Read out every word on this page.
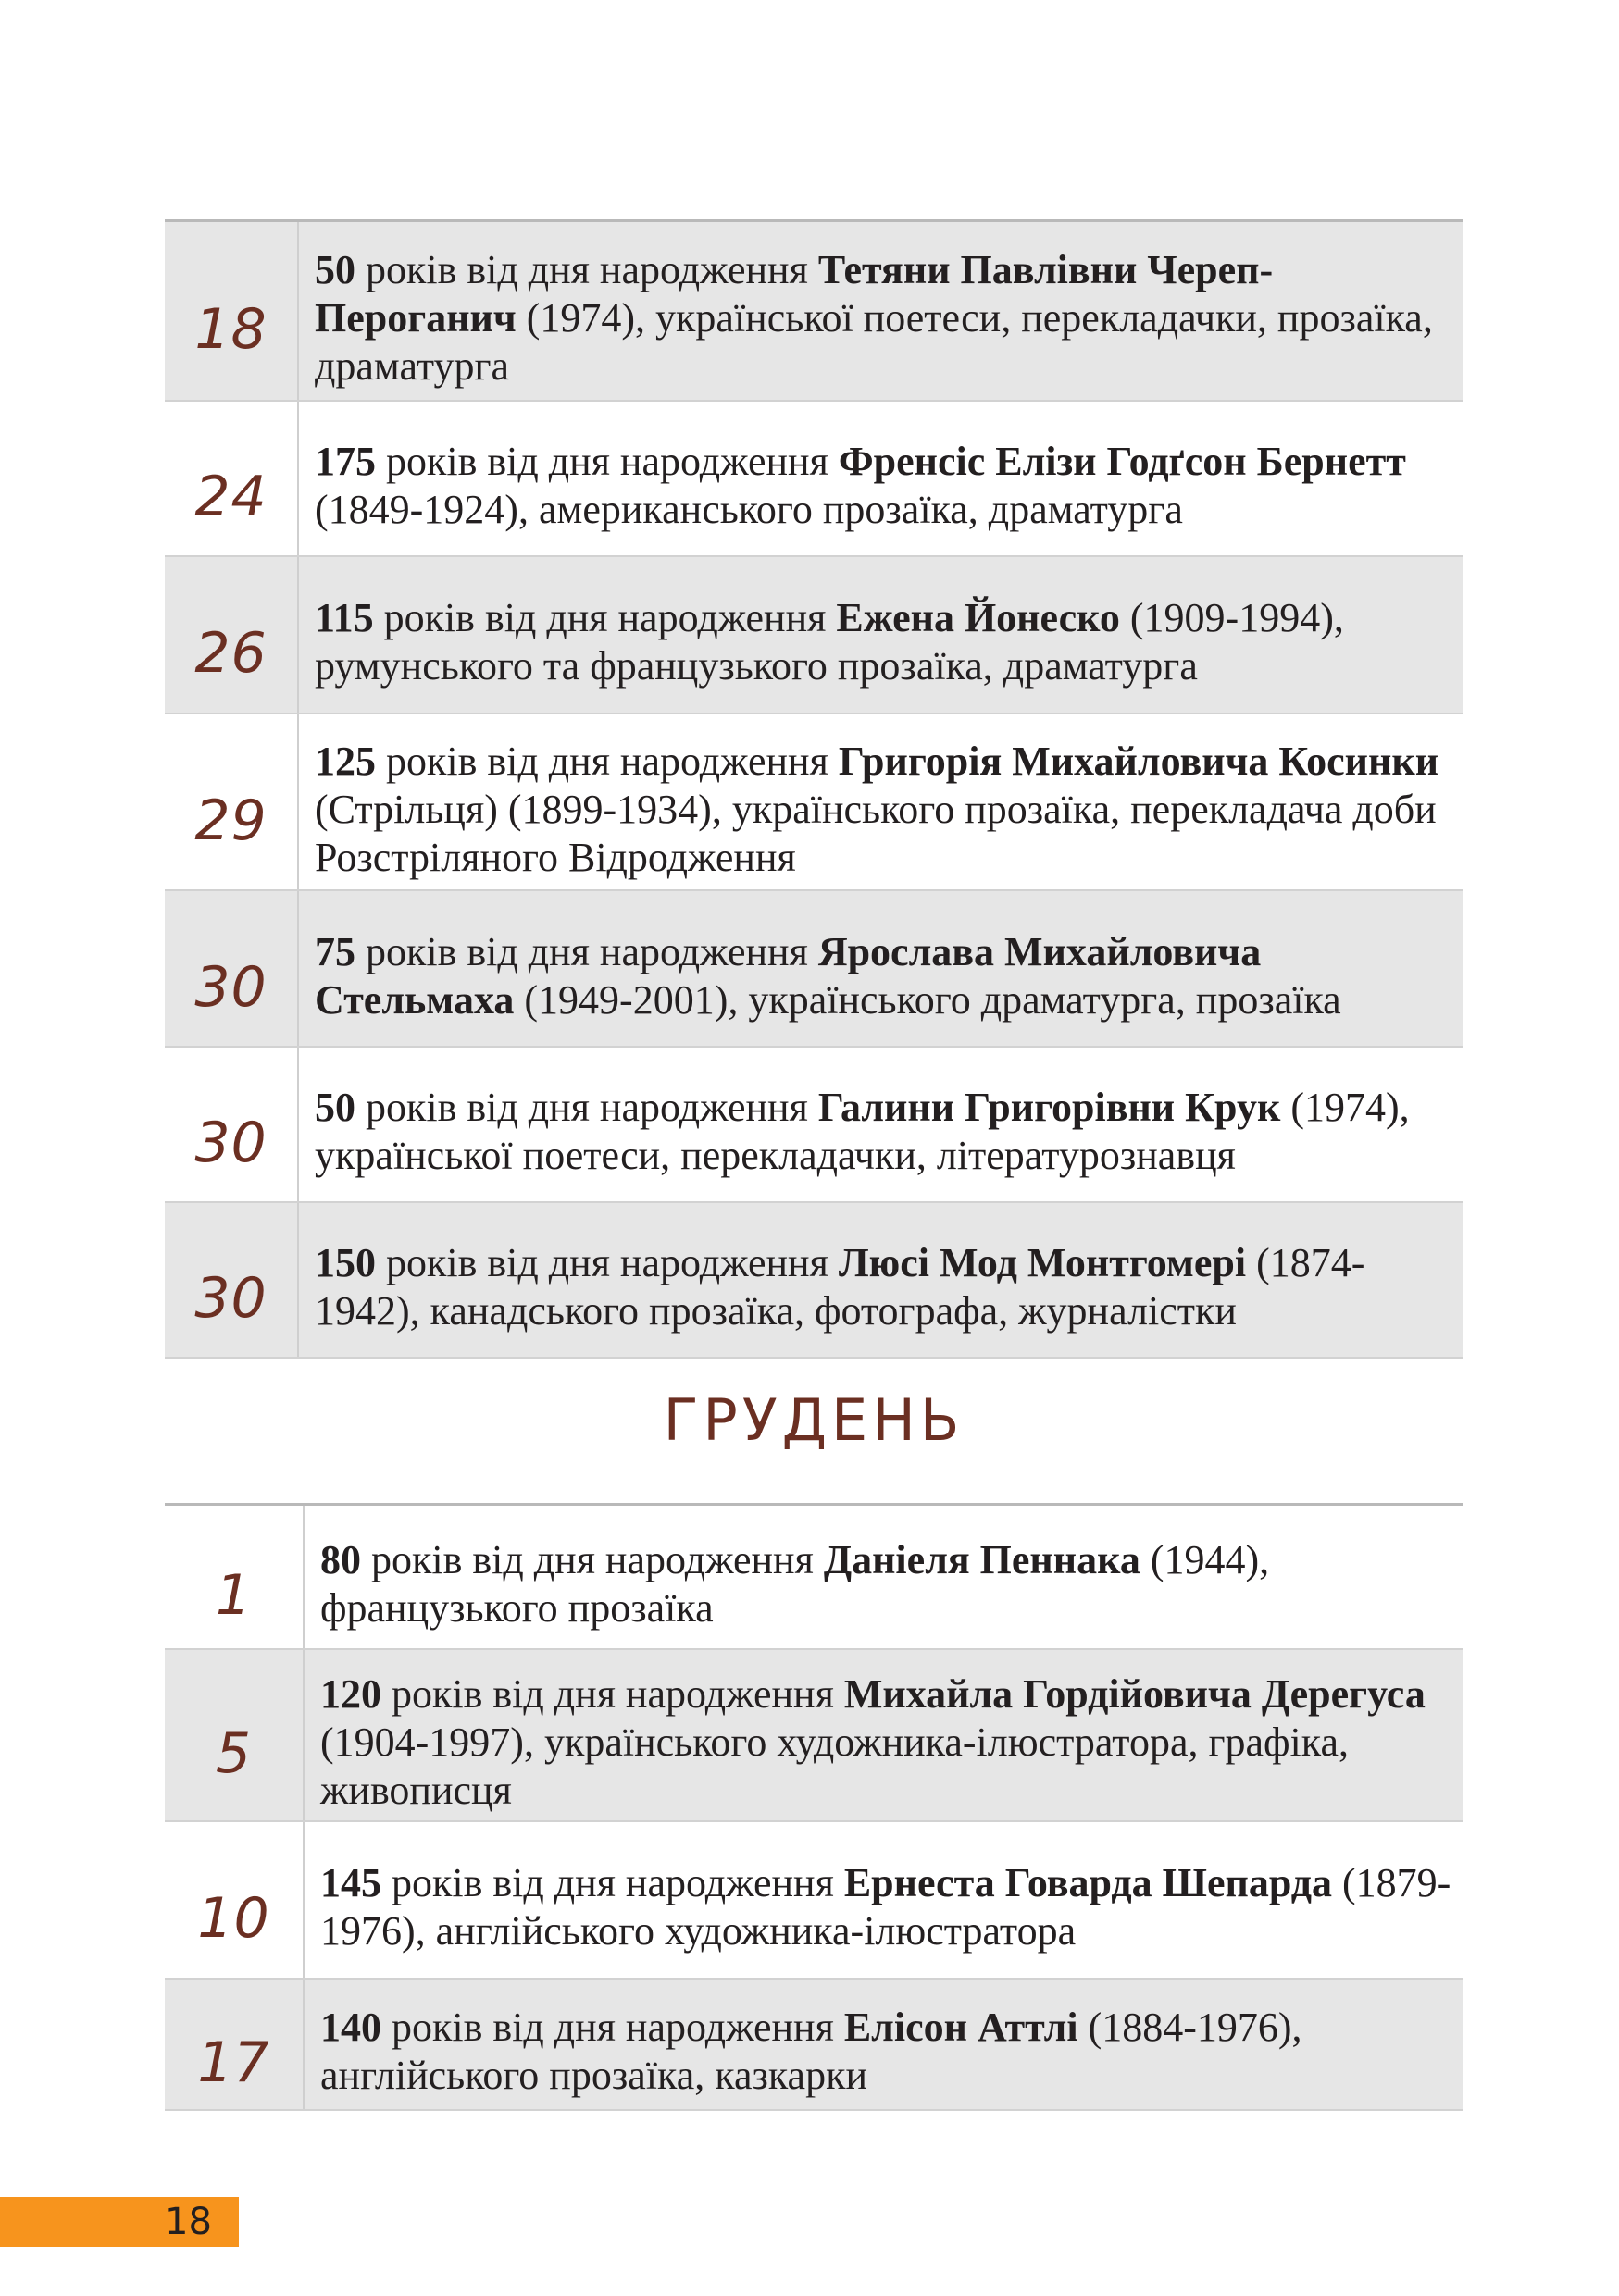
18	50 років від дня народження Тетяни Павлівни Череп-Пероганич (1974), української поетеси, перекладачки, прозаїка, драматурга
24	175 років від дня народження Френсіс Елізи Годґсон Бернетт (1849-1924), американського прозаїка, драматурга
26	115 років від дня народження Ежена Йонеско (1909-1994), румунського та французького прозаїка, драматурга
29	125 років від дня народження Григорія Михайловича Косинки (Стрільця) (1899-1934), українського прозаїка, перекладача доби Розстріляного Відродження
30	75 років від дня народження Ярослава Михайловича Стельмаха (1949-2001), українського драматурга, прозаїка
30	50 років від дня народження Галини Григорівни Крук (1974), української поетеси, перекладачки, літературознавця
30	150 років від дня народження Люсі Мод Монтгомері (1874-1942), канадського прозаїка, фотографа, журналістки
ГРУДЕНЬ

1	80 років від дня народження Даніеля Пеннака (1944), французького прозаїка
5	120 років від дня народження Михайла Гордійовича Дерегуса (1904-1997), українського художника-ілюстратора, графіка, живописця
10	145 років від дня народження Ернеста Говарда Шепарда (1879-1976), англійського художника-ілюстратора
17	140 років від дня народження Елісон Аттлі (1884-1976), англійського прозаїка, казкарки
18
